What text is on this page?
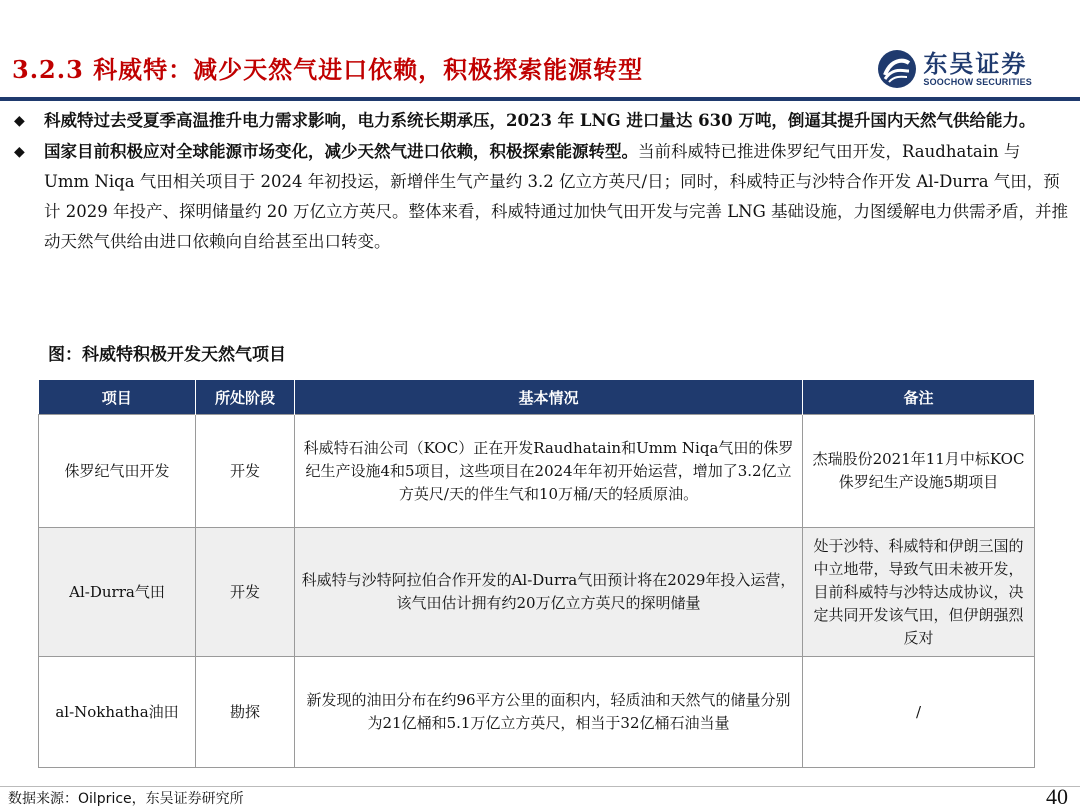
3.2.3 科威特：减少天然气进口依赖，积极探索能源转型	东吴证券
SOOCHOW SECURITIES
◆ 科威特过去受夏季高温推升电力需求影响，电力系统长期承压，2023 年 LNG 进口量达 630 万吨，倒逼其提升国内天然气供给能力。
◆ 国家目前积极应对全球能源市场变化，减少天然气进口依赖，积极探索能源转型。当前科威特已推进侏罗纪气田开发，Raudhatain 与 Umm Niqa 气田相关项目于 2024 年初投运，新增伴生气产量约 3.2 亿立方英尺/日；同时，科威特正与沙特合作开发 Al-Durra 气田，预计 2029 年投产、探明储量约 20 万亿立方英尺。整体来看，科威特通过加快气田开发与完善 LNG 基础设施，力图缓解电力供需矛盾，并推动天然气供给由进口依赖向自给甚至出口转变。
图：科威特积极开发天然气项目
项目	所处阶段	基本情况	备注
侏罗纪气田开发	开发	科威特石油公司（KOC）正在开发Raudhatain和Umm Niqa气田的侏罗纪生产设施4和5项目，这些项目在2024年年初开始运营，增加了3.2亿立方英尺/天的伴生气和10万桶/天的轻质原油。	杰瑞股份2021年11月中标KOC侏罗纪生产设施5期项目
Al-Durra气田	开发	科威特与沙特阿拉伯合作开发的Al-Durra气田预计将在2029年投入运营，该气田估计拥有约20万亿立方英尺的探明储量	处于沙特、科威特和伊朗三国的中立地带，导致气田未被开发，目前科威特与沙特达成协议，决定共同开发该气田，但伊朗强烈反对
al-Nokhatha油田	勘探	新发现的油田分布在约96平方公里的面积内，轻质油和天然气的储量分别为21亿桶和5.1万亿立方英尺，相当于32亿桶石油当量	/
数据来源：Oilprice，东吴证券研究所	40
